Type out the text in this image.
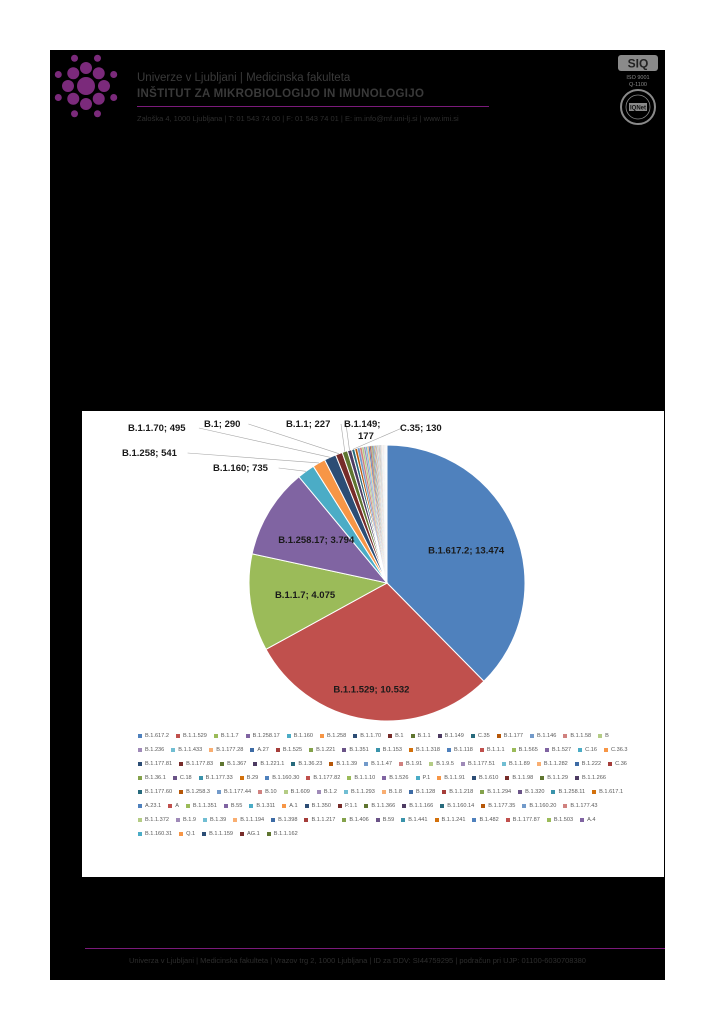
Univerze v Ljubljani | Medicinska fakulteta
INŠTITUT ZA MIKROBIOLOGIJO IN IMUNOLOGIJO
Zaloška 4, 1000 Ljubljana | T: 01 543 74 00 | F: 01 543 74 01 | E: im.info@mf.uni-lj.si | www.imi.si
SIQ
ISO 9001
Q-1100
IQNet
Univerza v Ljubljani | Medicinska fakulteta | Vrazov trg 2, 1000 Ljubljana | ID za DDV: SI44759295 | podračun pri UJP: 01100-6030708380
B.1.617.2; 13.474
B.1.1.529; 10.532
B.1.1.7; 4.075
B.1.258.17; 3.794
B.1.160; 735
B.1.258; 541
B.1.1.70; 495 B.1; 290	B.1.1; 227 B.1.149;
177
C.35; 130
B.1.617.2	B.1.1.529	B.1.1.7	B.1.258.17	B.1.160	B.1.258	B.1.1.70	B.1	B.1.1	B.1.149	C.35	B.1.177	B.1.146	B.1.1.58	B
B.1.236	B.1.1.433	B.1.177.28	A.27	B.1.525	B.1.221	B.1.351	B.1.153	B.1.1.318	B.1.118	B.1.1.1	B.1.565	B.1.527	C.16	C.36.3
B.1.177.81	B.1.177.83	B.1.367	B.1.221.1	B.1.36.23	B.1.1.39	B.1.1.47	B.1.91	B.1.9.5	B.1.177.51	B.1.1.89	B.1.1.282	B.1.222	C.36
B.1.36.1	C.18	B.1.177.33	B.29	B.1.160.30	B.1.177.82	B.1.1.10	B.1.526	P.1	B.1.1.91	B.1.610	B.1.1.98	B.1.1.29	B.1.1.266
B.1.177.60	B.1.258.3	B.1.177.44	B.10	B.1.609	B.1.2	B.1.1.293	B.1.8	B.1.128	B.1.1.218	B.1.1.294	B.1.320	B.1.258.11	B.1.617.1
A.23.1	A	B.1.1.351	B.55	B.1.311	A.1	B.1.350	P.1.1	B.1.1.366	B.1.1.166	B.1.160.14	B.1.177.35	B.1.160.20	B.1.177.43
B.1.1.372	B.1.9	B.1.39	B.1.1.194	B.1.398	B.1.1.217	B.1.406	B.59	B.1.441	B.1.1.241	B.1.482	B.1.177.87	B.1.503	A.4
B.1.160.31	Q.1	B.1.1.159	AG.1	B.1.1.162
